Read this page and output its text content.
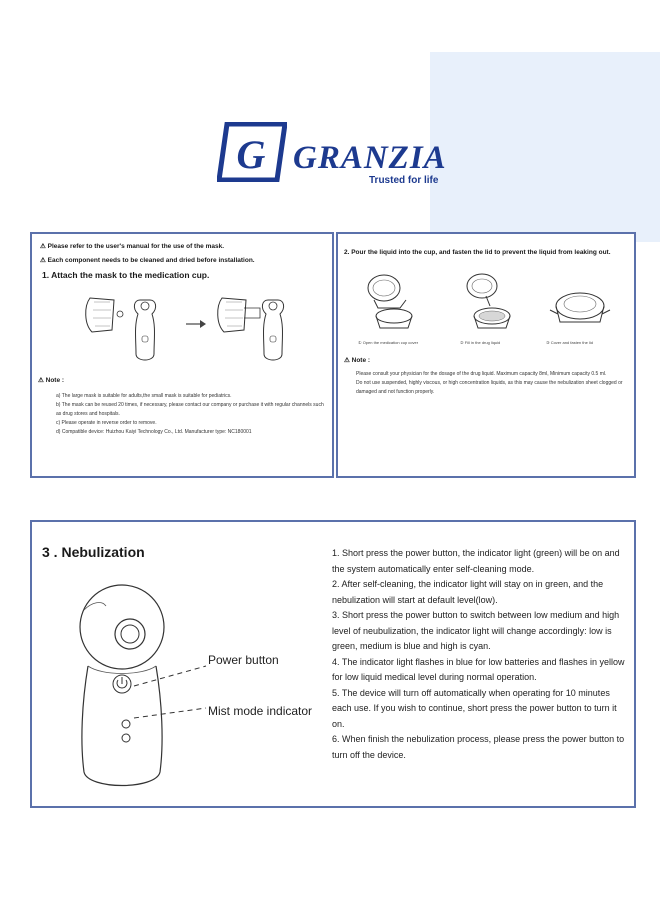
G GRANZIA
Trusted for life
⚠ Please refer to the user's manual for the use of the mask.
⚠ Each component needs to be cleaned and dried before installation.
1. Attach the mask to the medication cup.
⚠ Note :
a) The large mask is suitable for adults,the small mask is suitable for pediatrics.
b) The mask can be reused 20 times, if necessary, please contact our company or purchase it with regular channels such as drug stores and hospitals.
c) Please operate in reverse order to remove.
d) Compatible device: Huizhou Kaiyi Technology Co., Ltd. Manufacturer type: NC180001
2. Pour the liquid into the cup, and fasten the lid to prevent the liquid from leaking out.
① Open the medication cup cover	② Fill in the drug liquid	③ Cover and fasten the lid
⚠ Note :
Please consult your physician for the dosage of the drug liquid. Maximum capacity 8ml, Minimum capacity 0.5 ml.
Do not use suspended, highly viscous, or high concentration liquids, as this may cause the nebulization sheet clogged or damaged and not function properly.
3 . Nebulization
Power button
Mist mode indicator

1. Short press the power button, the indicator light (green) will be on and the system automatically enter self-cleaning mode.

2. After self-cleaning, the indicator light will stay on in green, and the nebulization will start at default level(low).

3. Short press the power button to switch between low medium and high level of neubulization, the indicator light will change accordingly: low is green, medium is blue and high is cyan.

4. The indicator light flashes in blue for low batteries and flashes in yellow for low liquid medical level during normal operation.

5. The device will turn off automatically when operating for 10 minutes each use. If you wish to continue, short press the power button to turn it on.

6. When finish the nebulization process, please press the power button to turn off the device.
